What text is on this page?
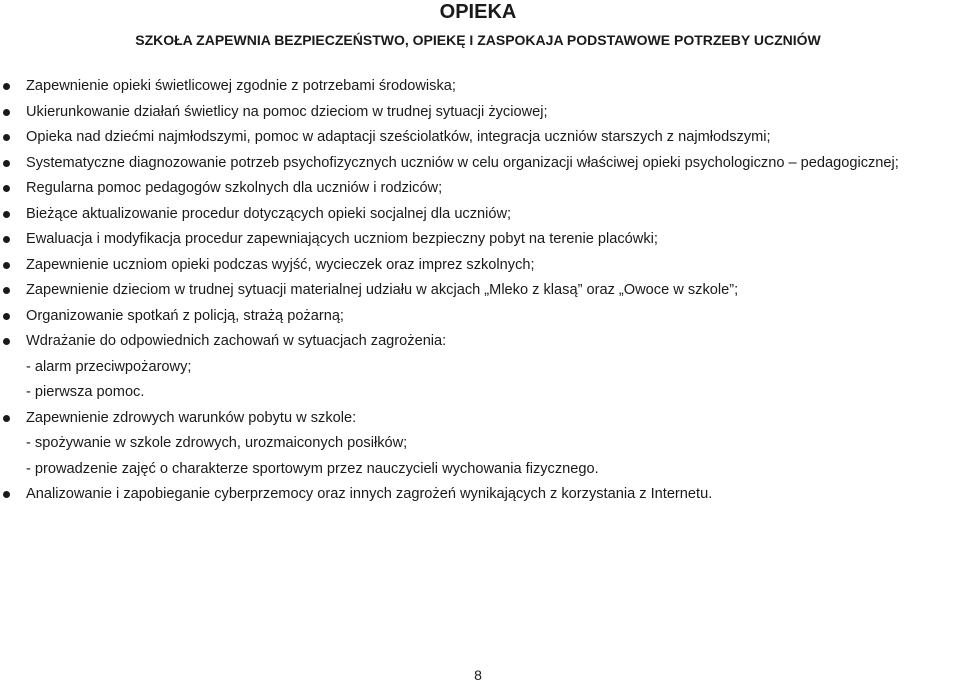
OPIEKA
SZKOŁA ZAPEWNIA BEZPIECZEŃSTWO, OPIEKĘ I ZASPOKAJA PODSTAWOWE POTRZEBY UCZNIÓW
Zapewnienie opieki świetlicowej zgodnie z potrzebami środowiska;
Ukierunkowanie działań świetlicy na pomoc dzieciom w trudnej sytuacji życiowej;
Opieka nad dziećmi najmłodszymi, pomoc w adaptacji sześciolatków, integracja uczniów starszych z najmłodszymi;
Systematyczne diagnozowanie potrzeb psychofizycznych uczniów w celu organizacji właściwej opieki psychologiczno – pedagogicznej;
Regularna pomoc pedagogów szkolnych dla uczniów i rodziców;
Bieżące aktualizowanie procedur dotyczących opieki socjalnej dla uczniów;
Ewaluacja i modyfikacja procedur zapewniających uczniom bezpieczny pobyt na terenie placówki;
Zapewnienie uczniom opieki podczas wyjść, wycieczek oraz imprez szkolnych;
Zapewnienie dzieciom w trudnej sytuacji materialnej udziału w akcjach „Mleko z klasą” oraz „Owoce w szkole”;
Organizowanie spotkań z policją, strażą pożarną;
Wdrażanie do odpowiednich zachowań w sytuacjach zagrożenia:
- alarm przeciwpożarowy;
- pierwsza pomoc.
Zapewnienie zdrowych warunków pobytu w szkole:
- spożywanie w szkole zdrowych, urozmaiconych posiłków;
- prowadzenie zajęć o charakterze sportowym przez nauczycieli wychowania fizycznego.
Analizowanie i zapobieganie cyberprzemocy oraz innych zagrożeń wynikających z korzystania z Internetu.
8
